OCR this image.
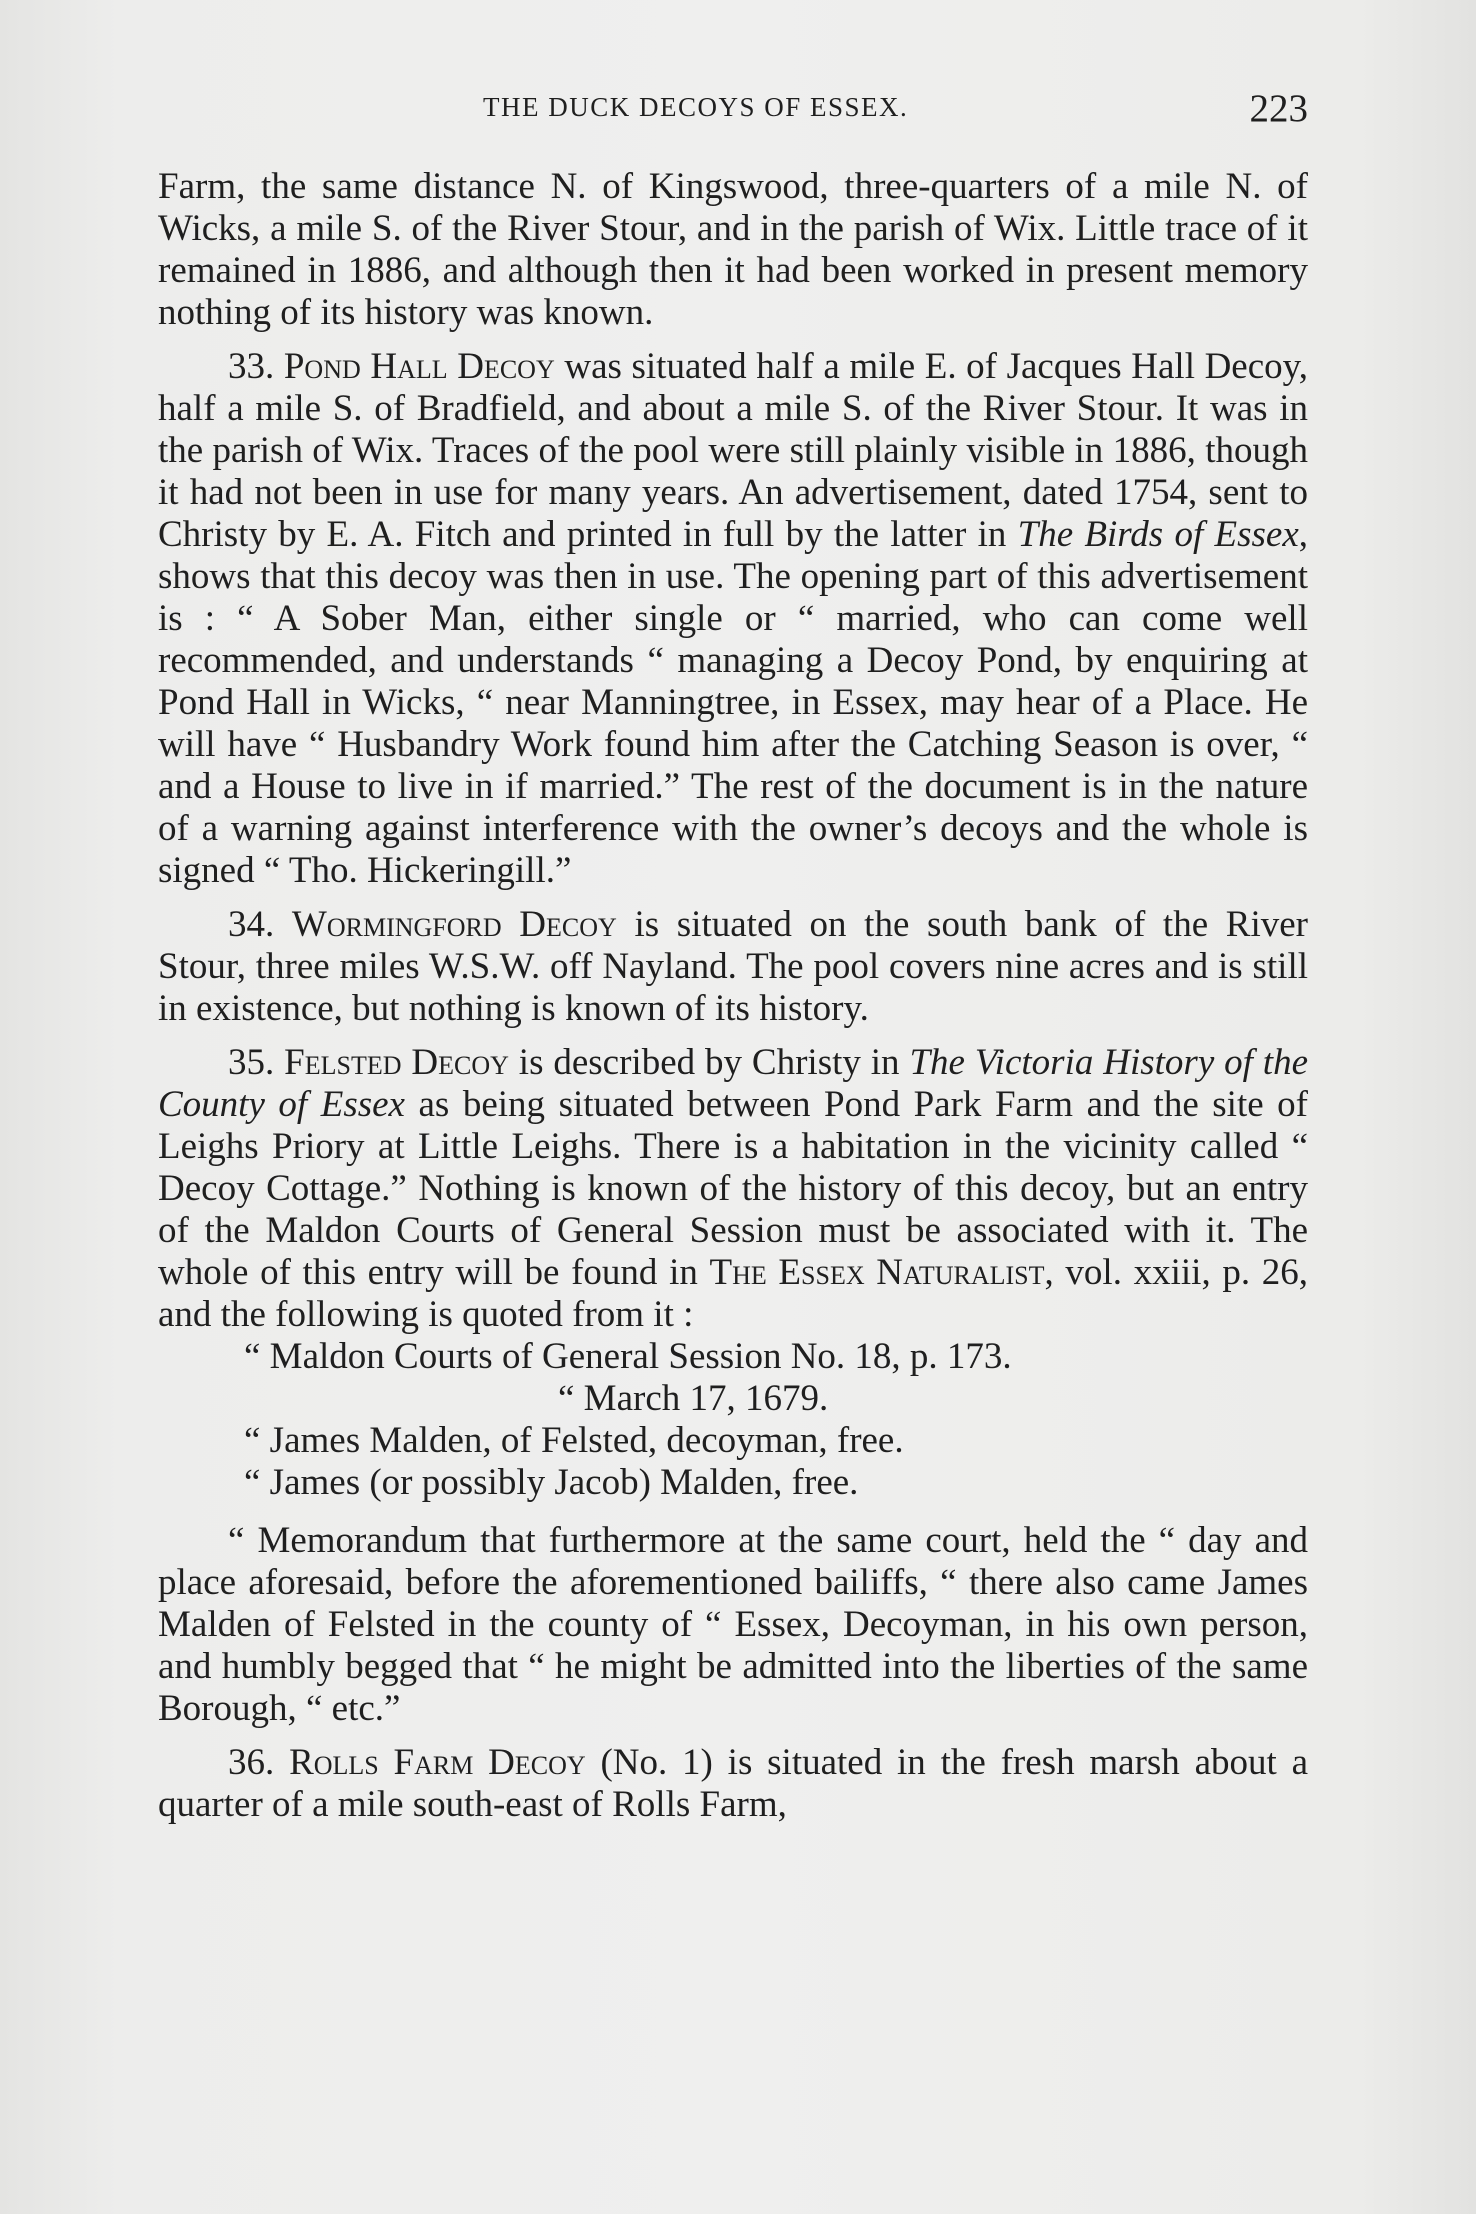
THE DUCK DECOYS OF ESSEX.	223

Farm, the same distance N. of Kingswood, three-quarters of a mile N. of Wicks, a mile S. of the River Stour, and in the parish of Wix. Little trace of it remained in 1886, and although then it had been worked in present memory nothing of its history was known.

33. Pond Hall Decoy was situated half a mile E. of Jacques Hall Decoy, half a mile S. of Bradfield, and about a mile S. of the River Stour. It was in the parish of Wix. Traces of the pool were still plainly visible in 1886, though it had not been in use for many years. An advertisement, dated 1754, sent to Christy by E. A. Fitch and printed in full by the latter in The Birds of Essex, shows that this decoy was then in use. The opening part of this advertisement is : “ A Sober Man, either single or “ married, who can come well recommended, and understands “ managing a Decoy Pond, by enquiring at Pond Hall in Wicks, “ near Manningtree, in Essex, may hear of a Place. He will have “ Husbandry Work found him after the Catching Season is over, “ and a House to live in if married.” The rest of the document is in the nature of a warning against interference with the owner’s decoys and the whole is signed “ Tho. Hickeringill.”

34. Wormingford Decoy is situated on the south bank of the River Stour, three miles W.S.W. off Nayland. The pool covers nine acres and is still in existence, but nothing is known of its history.

35. Felsted Decoy is described by Christy in The Victoria History of the County of Essex as being situated between Pond Park Farm and the site of Leighs Priory at Little Leighs. There is a habitation in the vicinity called “ Decoy Cottage.” Nothing is known of the history of this decoy, but an entry of the Maldon Courts of General Session must be associated with it. The whole of this entry will be found in The Essex Naturalist, vol. xxiii, p. 26, and the following is quoted from it :

“ Maldon Courts of General Session No. 18, p. 173.

“ March 17, 1679.

“ James Malden, of Felsted, decoyman, free.

“ James (or possibly Jacob) Malden, free.

“ Memorandum that furthermore at the same court, held the “ day and place aforesaid, before the aforementioned bailiffs, “ there also came James Malden of Felsted in the county of “ Essex, Decoyman, in his own person, and humbly begged that “ he might be admitted into the liberties of the same Borough, “ etc.”

36. Rolls Farm Decoy (No. 1) is situated in the fresh marsh about a quarter of a mile south-east of Rolls Farm,
